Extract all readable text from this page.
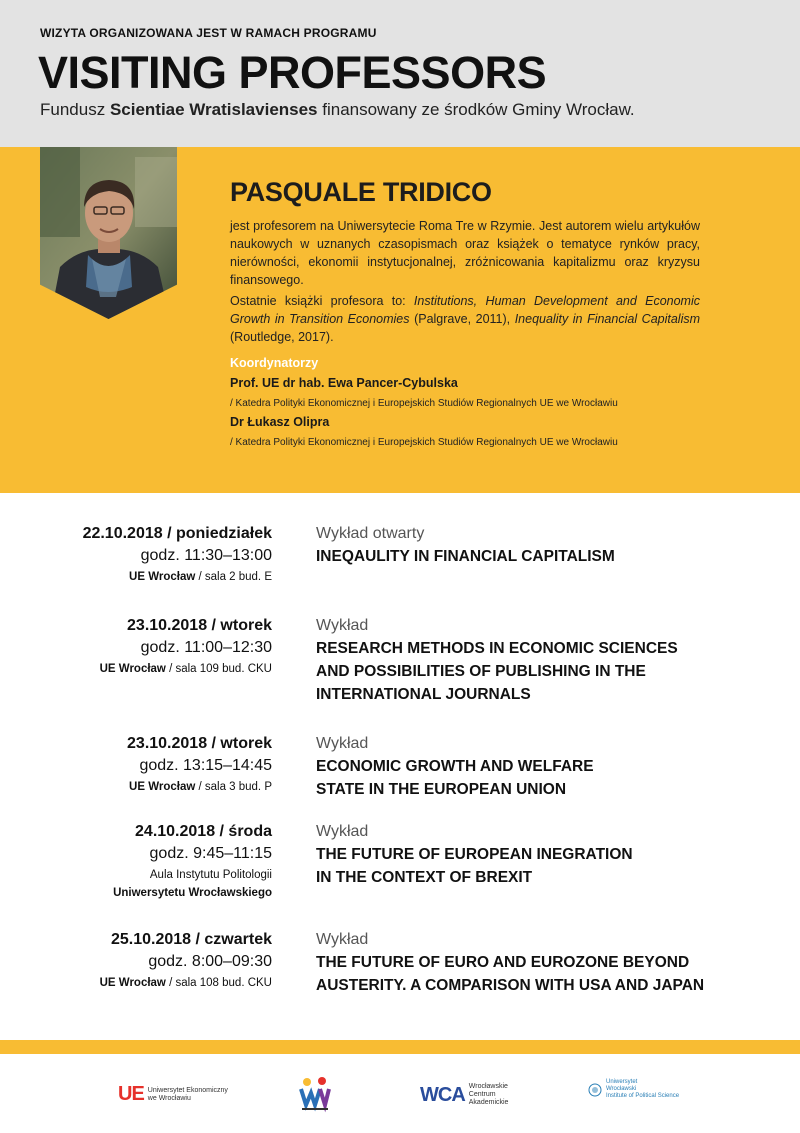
WIZYTA ORGANIZOWANA JEST W RAMACH PROGRAMU
VISITING PROFESSORS
Fundusz Scientiae Wratislavienses finansowany ze środków Gminy Wrocław.
PASQUALE TRIDICO

jest profesorem na Uniwersytecie Roma Tre w Rzymie. Jest autorem wielu artykułów naukowych w uznanych czasopismach oraz książek o tematyce rynków pracy, nierówności, ekonomii instytucjonalnej, zróżnicowania kapitalizmu oraz kryzysu finansowego.

Ostatnie książki profesora to: Institutions, Human Development and Economic Growth in Transition Economies (Palgrave, 2011), Inequality in Financial Capitalism (Routledge, 2017).

Koordynatorzy
Prof. UE dr hab. Ewa Pancer-Cybulska
/ Katedra Polityki Ekonomicznej i Europejskich Studiów Regionalnych UE we Wrocławiu
Dr Łukasz Olipra
/ Katedra Polityki Ekonomicznej i Europejskich Studiów Regionalnych UE we Wrocławiu
22.10.2018 / poniedziałek
godz. 11:30–13:00
UE Wrocław / sala 2 bud. E
Wykład otwarty
INEQAULITY IN FINANCIAL CAPITALISM
23.10.2018 / wtorek
godz. 11:00–12:30
UE Wrocław / sala 109 bud. CKU
Wykład
RESEARCH METHODS IN ECONOMIC SCIENCES
AND POSSIBILITIES OF PUBLISHING IN THE
INTERNATIONAL JOURNALS
23.10.2018 / wtorek
godz. 13:15–14:45
UE Wrocław / sala 3 bud. P
Wykład
ECONOMIC GROWTH AND WELFARE
STATE IN THE EUROPEAN UNION
24.10.2018 / środa
godz. 9:45–11:15
Aula Instytutu Politologii
Uniwersytetu Wrocławskiego
Wykład
THE FUTURE OF EUROPEAN INEGRATION
IN THE CONTEXT OF BREXIT
25.10.2018 / czwartek
godz. 8:00–09:30
UE Wrocław / sala 108 bud. CKU
Wykład
THE FUTURE OF EURO AND EUROZONE BEYOND
AUSTERITY. A COMPARISON WITH USA AND JAPAN
UE Uniwersytet Ekonomiczny
we Wrocławiu	WCA Wrocławskie
Centrum
Akademickie
Uniwersytet
Wrocławski
Institute of Political Science
